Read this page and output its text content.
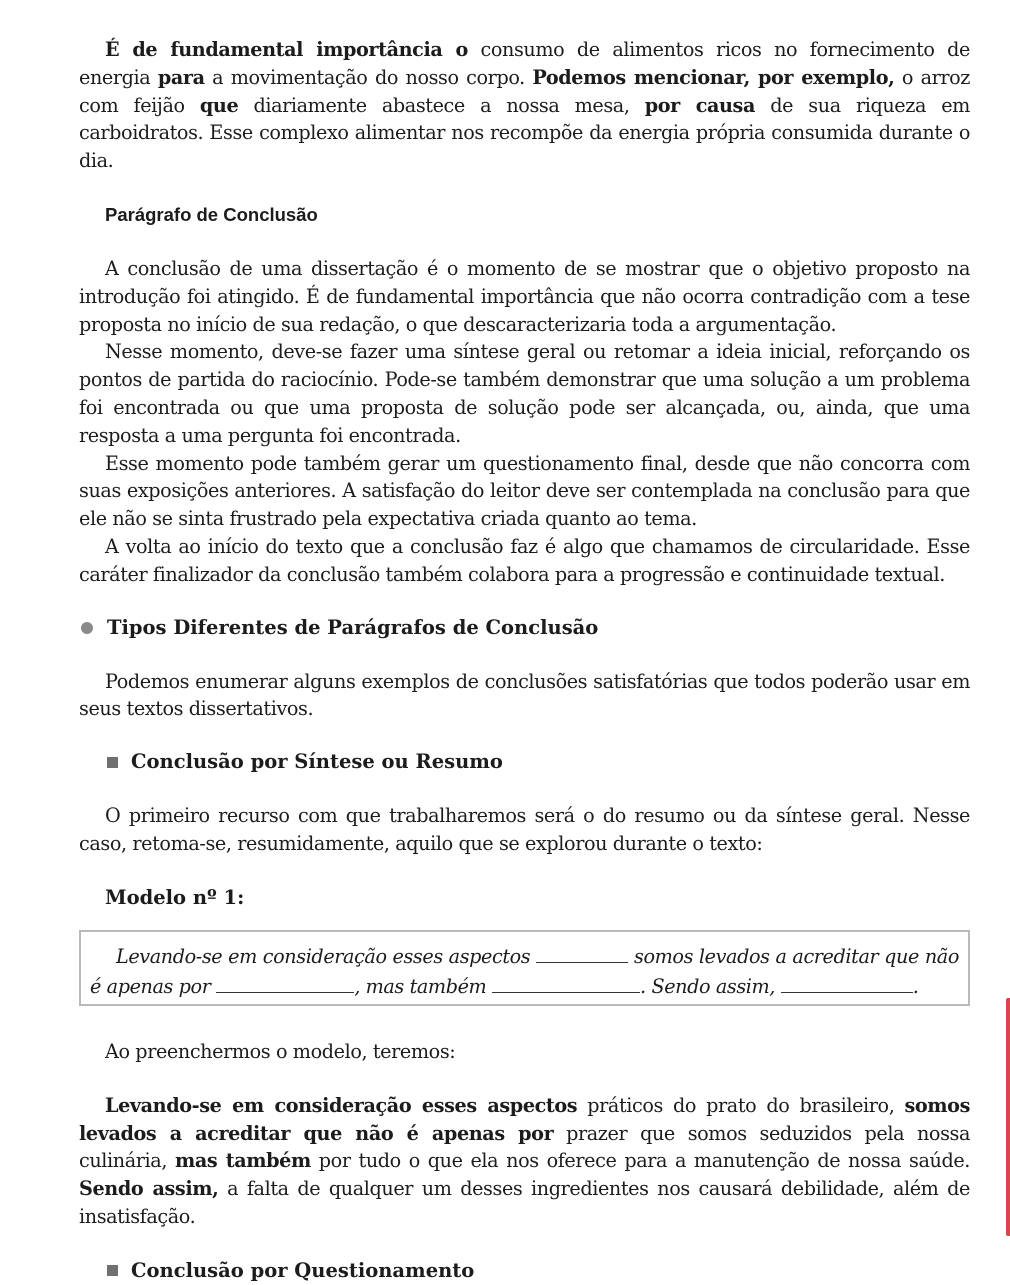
É de fundamental importância o consumo de alimentos ricos no fornecimento de energia para a movimentação do nosso corpo. Podemos mencionar, por exemplo, o arroz com feijão que diariamente abastece a nossa mesa, por causa de sua riqueza em carboidratos. Esse complexo alimentar nos recompõe da energia própria consumida durante o dia.

Parágrafo de Conclusão

A conclusão de uma dissertação é o momento de se mostrar que o objetivo proposto na introdução foi atingido. É de fundamental importância que não ocorra contradição com a tese proposta no início de sua redação, o que descaracterizaria toda a argumentação.

Nesse momento, deve-se fazer uma síntese geral ou retomar a ideia inicial, reforçando os pontos de partida do raciocínio. Pode-se também demonstrar que uma solução a um problema foi encontrada ou que uma proposta de solução pode ser alcançada, ou, ainda, que uma resposta a uma pergunta foi encontrada.

Esse momento pode também gerar um questionamento final, desde que não concorra com suas exposições anteriores. A satisfação do leitor deve ser contemplada na conclusão para que ele não se sinta frustrado pela expectativa criada quanto ao tema.

A volta ao início do texto que a conclusão faz é algo que chamamos de circularidade. Esse caráter finalizador da conclusão também colabora para a progressão e continuidade textual.

Tipos Diferentes de Parágrafos de Conclusão

Podemos enumerar alguns exemplos de conclusões satisfatórias que todos poderão usar em seus textos dissertativos.

Conclusão por Síntese ou Resumo

O primeiro recurso com que trabalharemos será o do resumo ou da síntese geral. Nesse caso, retoma-se, resumidamente, aquilo que se explorou durante o texto:

Modelo nº 1:
Levando-se em consideração esses aspectos	somos levados a acreditar que não é apenas por	, mas também	. Sendo assim,	.

Ao preenchermos o modelo, teremos:

Levando-se em consideração esses aspectos práticos do prato do brasileiro, somos levados a acreditar que não é apenas por prazer que somos seduzidos pela nossa culinária, mas também por tudo o que ela nos oferece para a manutenção de nossa saúde. Sendo assim, a falta de qualquer um desses ingredientes nos causará debilidade, além de insatisfação.

Conclusão por Questionamento
